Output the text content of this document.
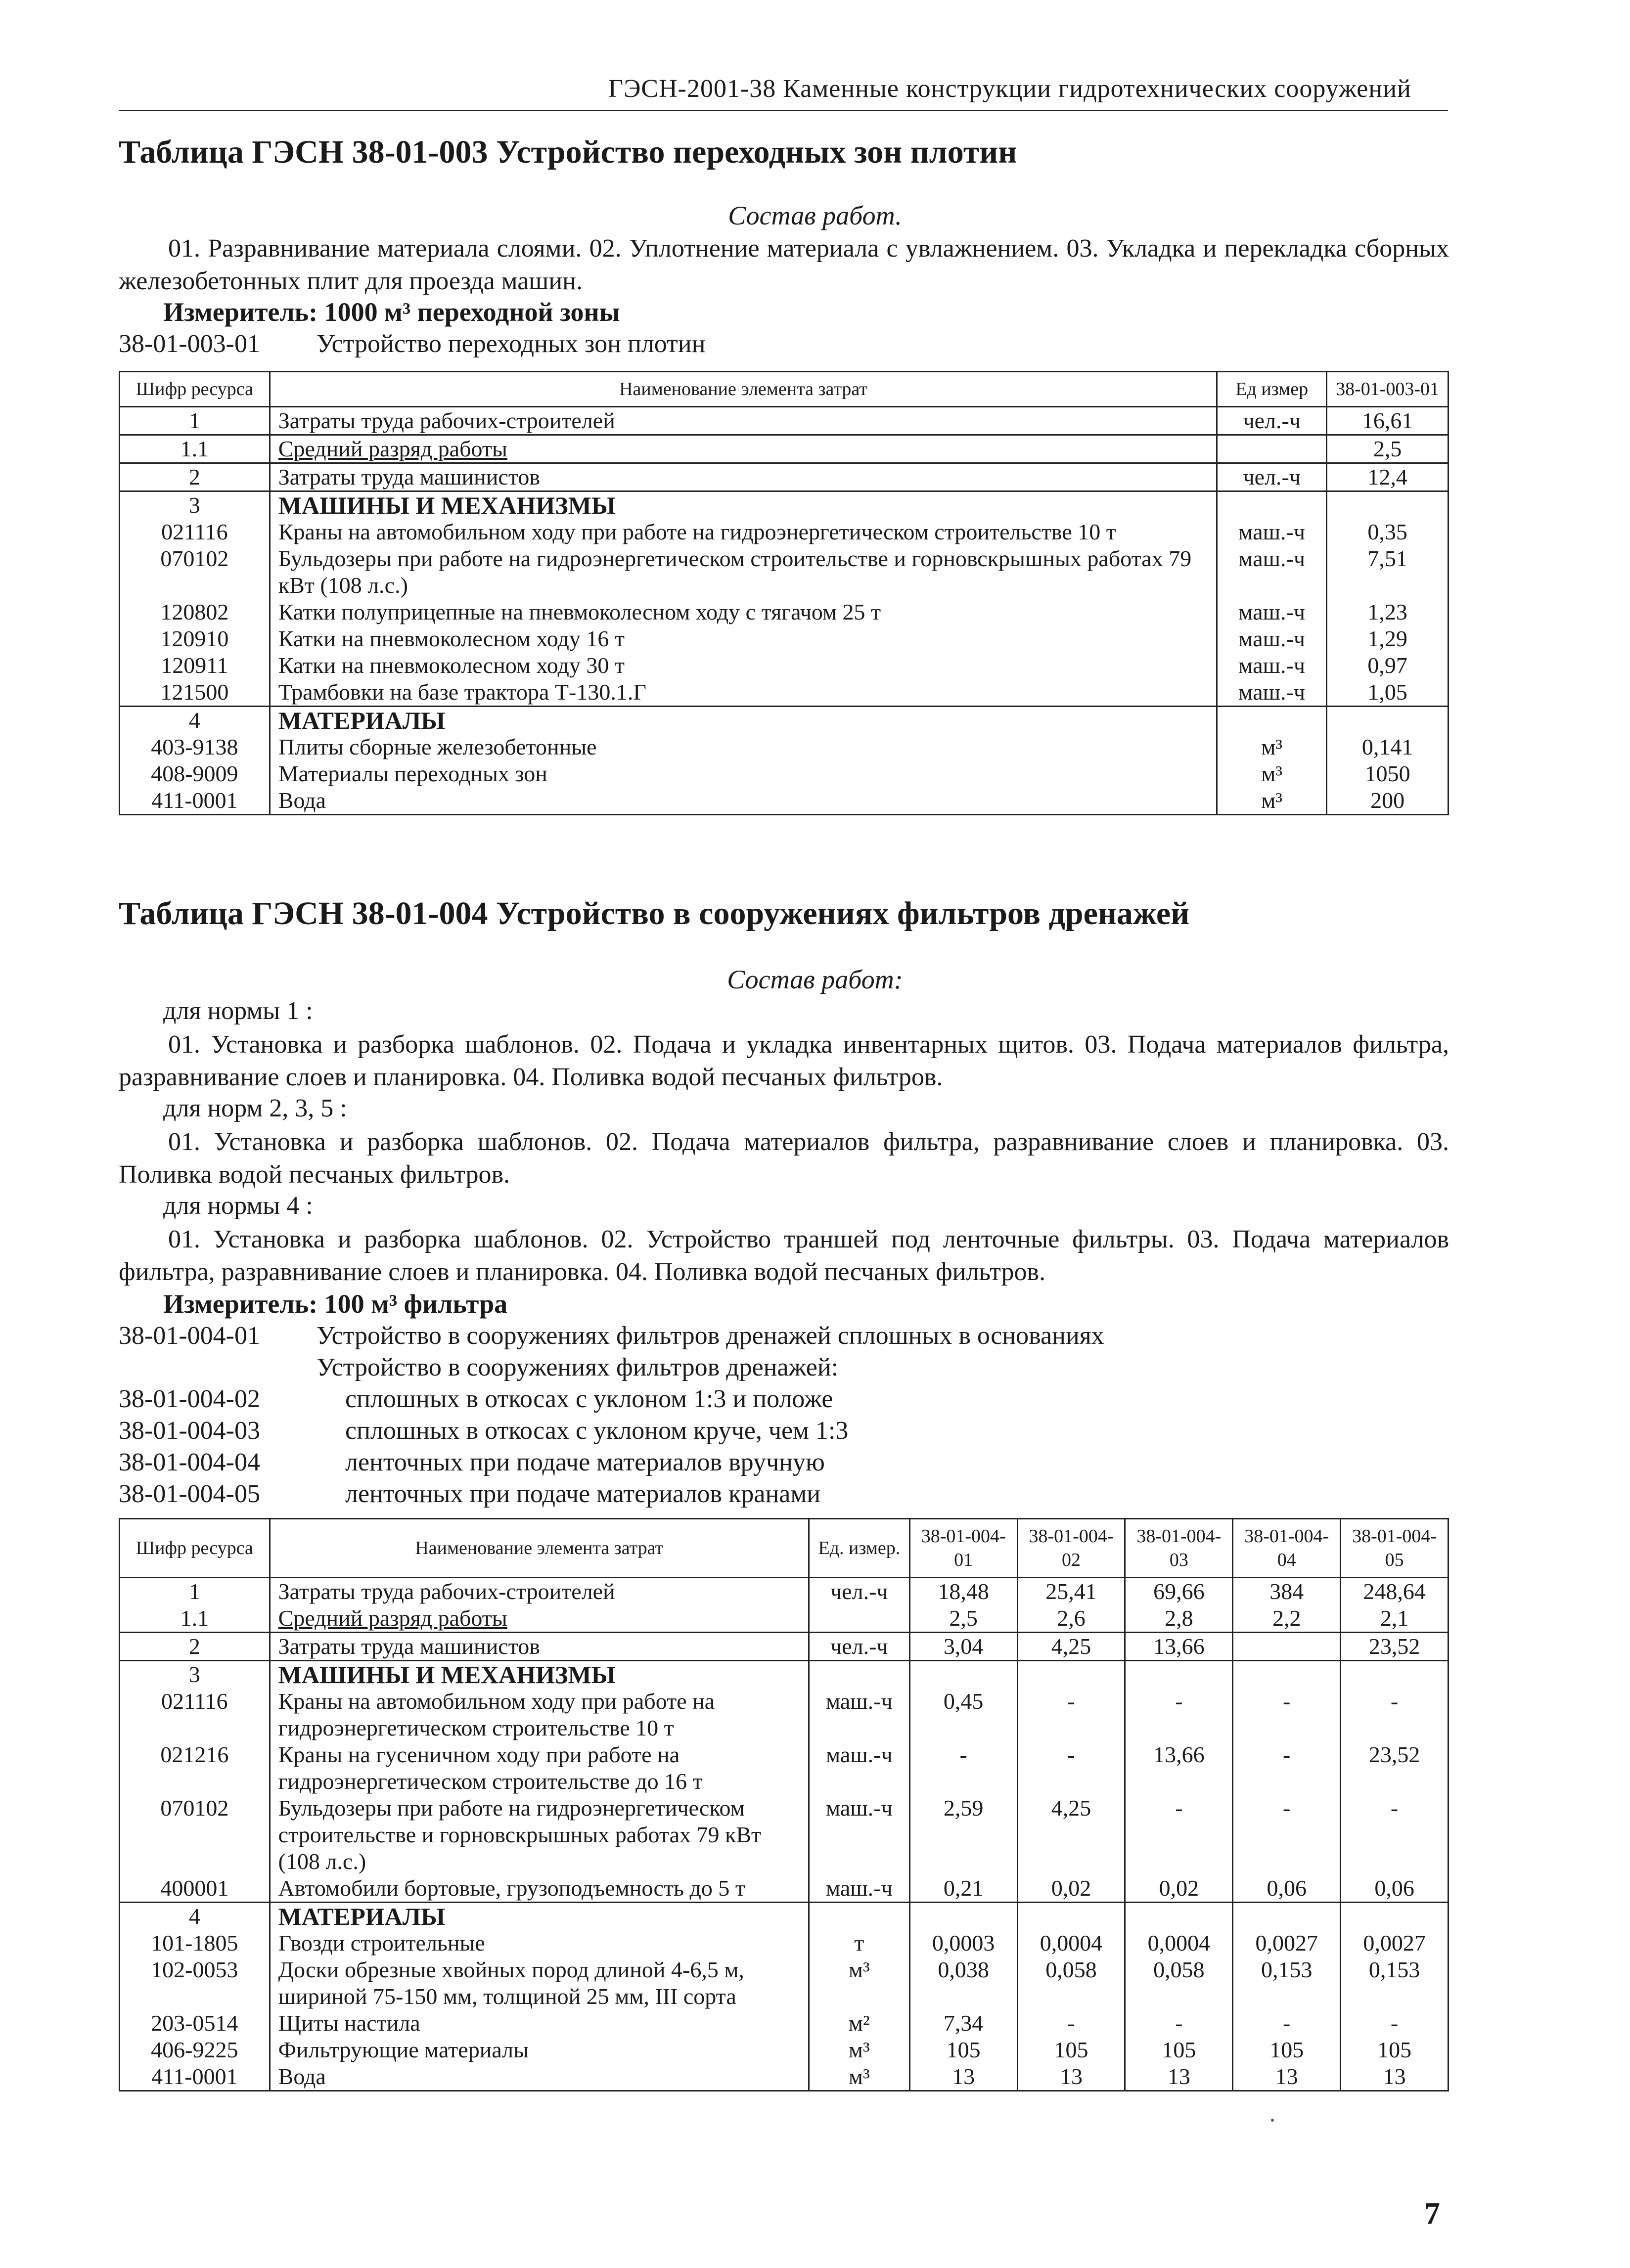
ГЭСН-2001-38 Каменные конструкции гидротехнических сооружений
Таблица ГЭСН 38-01-003 Устройство переходных зон плотин
Состав работ.
01. Разравнивание материала слоями. 02. Уплотнение материала с увлажнением. 03. Укладка и перекладка сборных железобетонных плит для проезда машин.
Измеритель: 1000 м³ переходной зоны
38-01-003-01 Устройство переходных зон плотин
Шифр ресурса	Наименование элемента затрат	Ед измер	38-01-003-01
1	Затраты труда рабочих-строителей	чел.-ч	16,61
1.1	Средний разряд работы		2,5
2	Затраты труда машинистов	чел.-ч	12,4
3	МАШИНЫ И МЕХАНИЗМЫ		
021116	Краны на автомобильном ходу при работе на гидроэнергетическом строительстве 10 т	маш.-ч	0,35
070102	Бульдозеры при работе на гидроэнергетическом строительстве и горновскрышных работах 79 кВт (108 л.с.)	маш.-ч	7,51
120802	Катки полуприцепные на пневмоколесном ходу с тягачом 25 т	маш.-ч	1,23
120910	Катки на пневмоколесном ходу 16 т	маш.-ч	1,29
120911	Катки на пневмоколесном ходу 30 т	маш.-ч	0,97
121500	Трамбовки на базе трактора Т-130.1.Г	маш.-ч	1,05
4	МАТЕРИАЛЫ		
403-9138	Плиты сборные железобетонные	м³	0,141
408-9009	Материалы переходных зон	м³	1050
411-0001	Вода	м³	200
Таблица ГЭСН 38-01-004 Устройство в сооружениях фильтров дренажей
Состав работ:
для нормы 1 :
01. Установка и разборка шаблонов. 02. Подача и укладка инвентарных щитов. 03. Подача материалов фильтра, разравнивание слоев и планировка. 04. Поливка водой песчаных фильтров.
для норм 2, 3, 5 :
01. Установка и разборка шаблонов. 02. Подача материалов фильтра, разравнивание слоев и планировка. 03. Поливка водой песчаных фильтров.
для нормы 4 :
01. Установка и разборка шаблонов. 02. Устройство траншей под ленточные фильтры. 03. Подача материалов фильтра, разравнивание слоев и планировка. 04. Поливка водой песчаных фильтров.
Измеритель: 100 м³ фильтра
38-01-004-01 Устройство в сооружениях фильтров дренажей сплошных в основаниях
Устройство в сооружениях фильтров дренажей:
38-01-004-02	сплошных в откосах с уклоном 1:3 и положе
38-01-004-03	сплошных в откосах с уклоном круче, чем 1:3
38-01-004-04	ленточных при подаче материалов вручную
38-01-004-05	ленточных при подаче материалов кранами
Шифр ресурса	Наименование элемента затрат	Ед. измер.	38-01-004-01	38-01-004-02	38-01-004-03	38-01-004-04	38-01-004-05
1	Затраты труда рабочих-строителей	чел.-ч	18,48	25,41	69,66	384	248,64
1.1	Средний разряд работы		2,5	2,6	2,8	2,2	2,1
2	Затраты труда машинистов	чел.-ч	3,04	4,25	13,66		23,52
3	МАШИНЫ И МЕХАНИЗМЫ						
021116	Краны на автомобильном ходу при работе на гидроэнергетическом строительстве 10 т	маш.-ч	0,45	-	-	-	-
021216	Краны на гусеничном ходу при работе на гидроэнергетическом строительстве до 16 т	маш.-ч	-	-	13,66	-	23,52
070102	Бульдозеры при работе на гидроэнергетическом строительстве и горновскрышных работах 79 кВт (108 л.с.)	маш.-ч	2,59	4,25	-	-	-
400001	Автомобили бортовые, грузоподъемность до 5 т	маш.-ч	0,21	0,02	0,02	0,06	0,06
4	МАТЕРИАЛЫ						
101-1805	Гвозди строительные	т	0,0003	0,0004	0,0004	0,0027	0,0027
102-0053	Доски обрезные хвойных пород длиной 4-6,5 м, шириной 75-150 мм, толщиной 25 мм, III сорта	м³	0,038	0,058	0,058	0,153	0,153
203-0514	Щиты настила	м²	7,34	-	-	-	-
406-9225	Фильтрующие материалы	м³	105	105	105	105	105
411-0001	Вода	м³	13	13	13	13	13
7
